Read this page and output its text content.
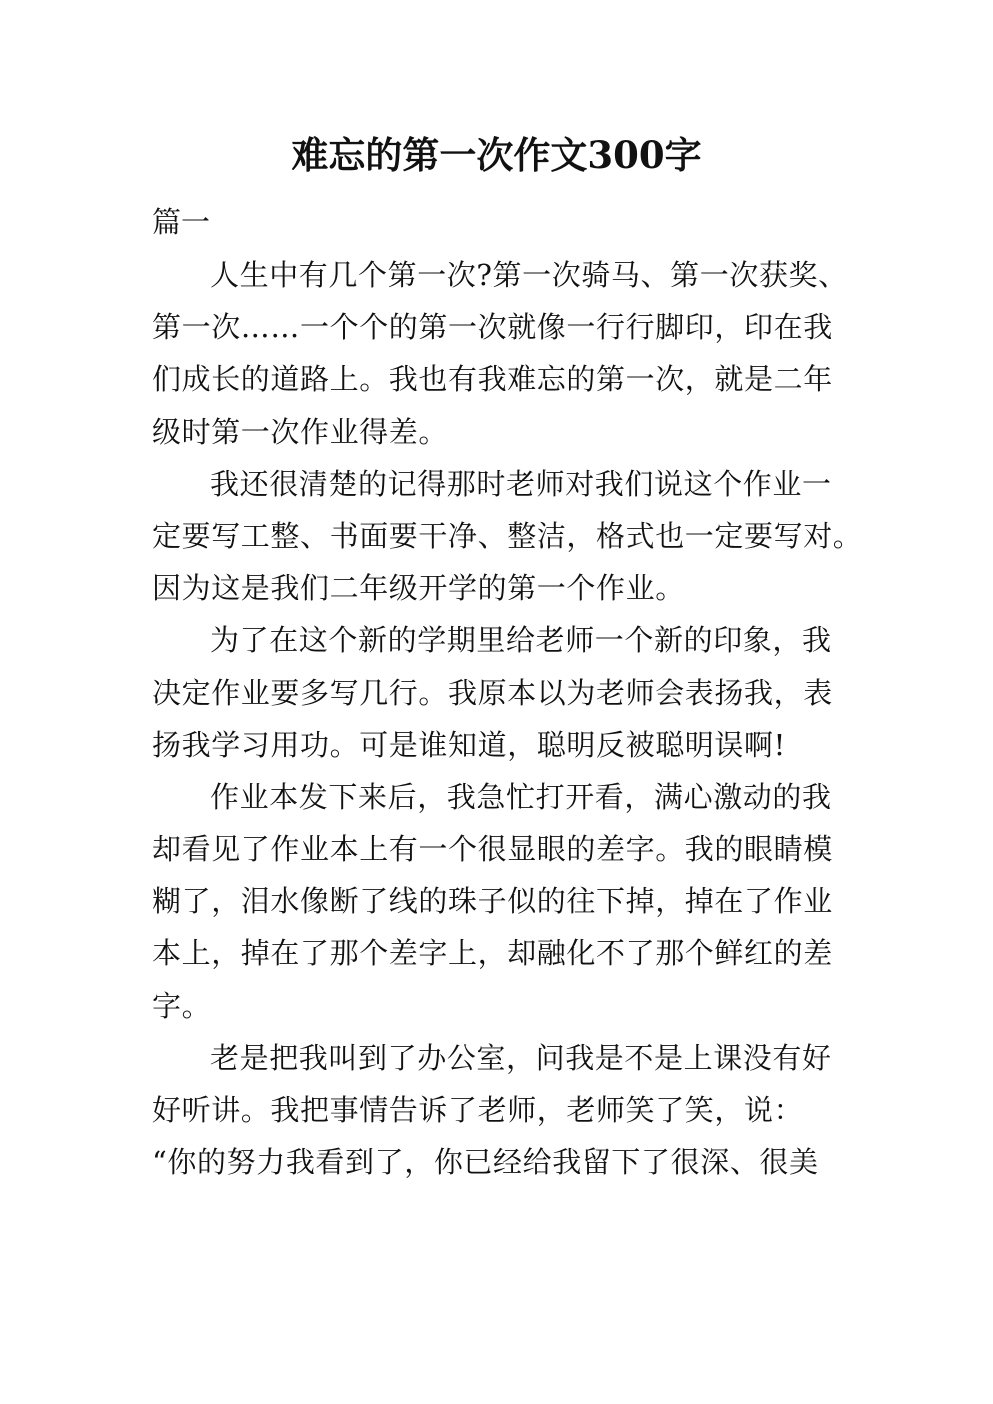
难忘的第一次作文300字
篇一
人生中有几个第一次?第一次骑马、第一次获奖、
第一次……一个个的第一次就像一行行脚印，印在我
们成长的道路上。我也有我难忘的第一次，就是二年
级时第一次作业得差。
我还很清楚的记得那时老师对我们说这个作业一
定要写工整、书面要干净、整洁，格式也一定要写对。
因为这是我们二年级开学的第一个作业。
为了在这个新的学期里给老师一个新的印象，我
决定作业要多写几行。我原本以为老师会表扬我，表
扬我学习用功。可是谁知道，聪明反被聪明误啊!
作业本发下来后，我急忙打开看，满心激动的我
却看见了作业本上有一个很显眼的差字。我的眼睛模
糊了，泪水像断了线的珠子似的往下掉，掉在了作业
本上，掉在了那个差字上，却融化不了那个鲜红的差
字。
老是把我叫到了办公室，问我是不是上课没有好
好听讲。我把事情告诉了老师，老师笑了笑，说：
“你的努力我看到了，你已经给我留下了很深、很美
